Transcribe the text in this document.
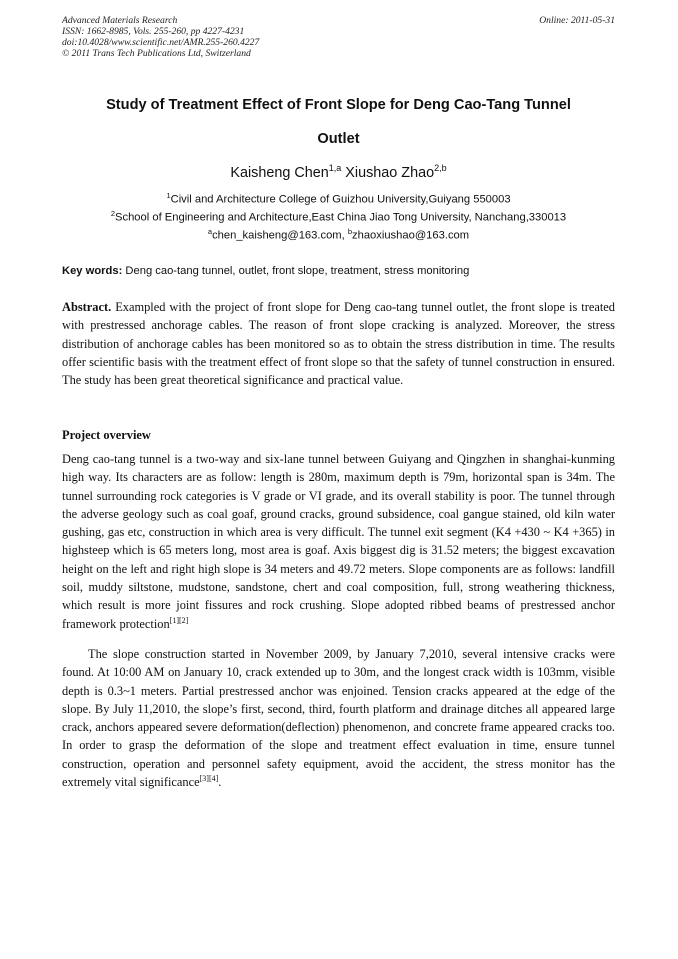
Advanced Materials Research
ISSN: 1662-8985, Vols. 255-260, pp 4227-4231
doi:10.4028/www.scientific.net/AMR.255-260.4227
© 2011 Trans Tech Publications Ltd, Switzerland
Online: 2011-05-31
Study of Treatment Effect of Front Slope for Deng Cao-Tang Tunnel
Outlet
Kaisheng Chen$^{1,a}$ Xiushao Zhao$^{2,b}$
$^1$Civil and Architecture College of Guizhou University,Guiyang 550003
$^2$School of Engineering and Architecture,East China Jiao Tong University, Nanchang,330013
$^a$chen_kaisheng@163.com, $^b$zhaoxiushao@163.com
Key words: Deng cao-tang tunnel, outlet, front slope, treatment, stress monitoring
Abstract. Exampled with the project of front slope for Deng cao-tang tunnel outlet, the front slope is treated with prestressed anchorage cables. The reason of front slope cracking is analyzed. Moreover, the stress distribution of anchorage cables has been monitored so as to obtain the stress distribution in time. The results offer scientific basis with the treatment effect of front slope so that the safety of tunnel construction in ensured. The study has been great theoretical significance and practical value.
Project overview
Deng cao-tang tunnel is a two-way and six-lane tunnel between Guiyang and Qingzhen in shanghai-kunming high way. Its characters are as follow: length is 280m, maximum depth is 79m, horizontal span is 34m. The tunnel surrounding rock categories is V grade or VI grade, and its overall stability is poor. The tunnel through the adverse geology such as coal goaf, ground cracks, ground subsidence, coal gangue stained, old kiln water gushing, gas etc, construction in which area is very difficult. The tunnel exit segment (K4 +430 ~ K4 +365) in highsteep which is 65 meters long, most area is goaf. Axis biggest dig is 31.52 meters; the biggest excavation height on the left and right high slope is 34 meters and 49.72 meters. Slope components are as follows: landfill soil, muddy siltstone, mudstone, sandstone, chert and coal composition, full, strong weathering thickness, which result is more joint fissures and rock crushing. Slope adopted ribbed beams of prestressed anchor framework protection[1][2]
The slope construction started in November 2009, by January 7,2010, several intensive cracks were found. At 10:00 AM on January 10, crack extended up to 30m, and the longest crack width is 103mm, visible depth is 0.3~1 meters. Partial prestressed anchor was enjoined. Tension cracks appeared at the edge of the slope. By July 11,2010, the slope’s first, second, third, fourth platform and drainage ditches all appeared large crack, anchors appeared severe deformation(deflection) phenomenon, and concrete frame appeared cracks too. In order to grasp the deformation of the slope and treatment effect evaluation in time, ensure tunnel construction, operation and personnel safety equipment, avoid the accident, the stress monitor has the extremely vital significance[3][4].
